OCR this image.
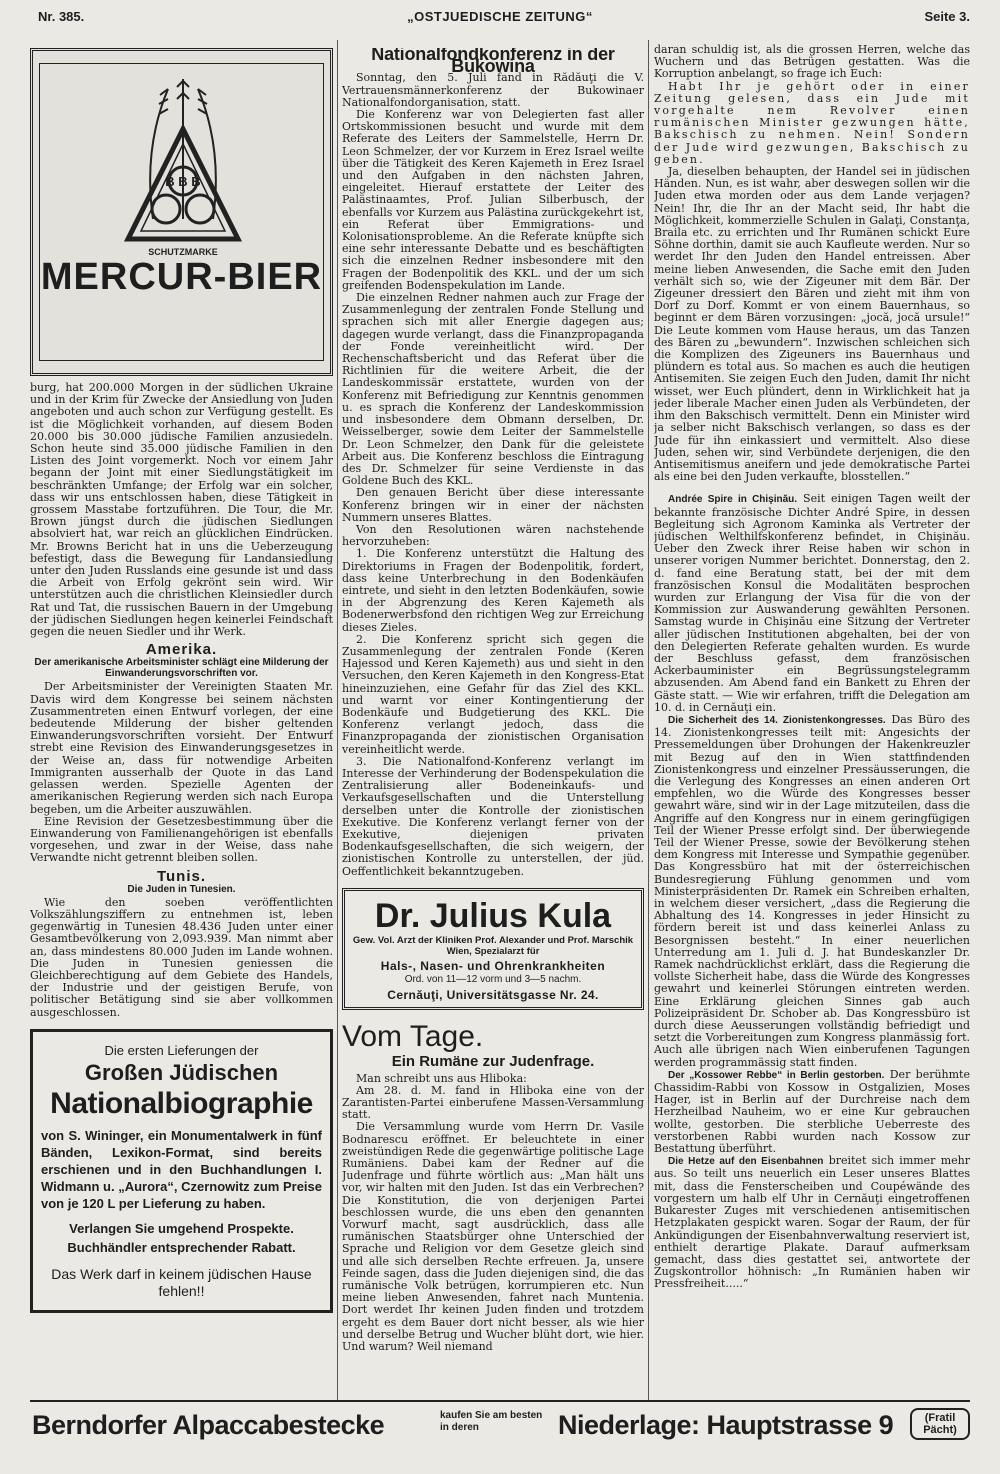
Nr. 385.	„OSTJUEDISCHE ZEITUNG“	Seite 3.
B B B
SCHUTZMARKE
MERCUR-BIER

burg, hat 200.000 Morgen in der südlichen Ukraine und in der Krim für Zwecke der Ansiedlung von Juden angeboten und auch schon zur Verfügung gestellt. Es ist die Möglichkeit vorhanden, auf diesem Boden 20.000 bis 30.000 jüdische Familien anzusiedeln. Schon heute sind 35.000 jüdische Familien in den Listen des Joint vorgemerkt. Noch vor einem Jahr begann der Joint mit einer Siedlungstätigkeit im beschränkten Umfange; der Erfolg war ein solcher, dass wir uns entschlossen haben, diese Tätigkeit in grossem Masstabe fortzuführen. Die Tour, die Mr. Brown jüngst durch die jüdischen Siedlungen absolviert hat, war reich an glücklichen Eindrücken. Mr. Browns Bericht hat in uns die Ueberzeugung befestigt, dass die Bewegung für Landansiedlung unter den Juden Russlands eine gesunde ist und dass die Arbeit von Erfolg gekrönt sein wird. Wir unterstützen auch die christlichen Kleinsiedler durch Rat und Tat, die russischen Bauern in der Umgebung der jüdischen Siedlungen hegen keinerlei Feindschaft gegen die neuen Siedler und ihr Werk.

Amerika.
Der amerikanische Arbeitsminister schlägt eine Milderung der Einwanderungsvorschriften vor.

Der Arbeitsminister der Vereinigten Staaten Mr. Davis wird dem Kongresse bei seinem nächsten Zusammentreten einen Entwurf vorlegen, der eine bedeutende Milderung der bisher geltenden Einwanderungsvorschriften vorsieht. Der Entwurf strebt eine Revision des Einwanderungsgesetzes in der Weise an, dass für notwendige Arbeiten Immigranten ausserhalb der Quote in das Land gelassen werden. Spezielle Agenten der amerikanischen Regierung werden sich nach Europa begeben, um die Arbeiter auszuwählen.

Eine Revision der Gesetzesbestimmung über die Einwanderung von Familienangehörigen ist ebenfalls vorgesehen, und zwar in der Weise, dass nahe Verwandte nicht getrennt bleiben sollen.

Tunis.
Die Juden in Tunesien.

Wie den soeben veröffentlichten Volkszählungsziffern zu entnehmen ist, leben gegenwärtig in Tunesien 48.436 Juden unter einer Gesamtbevölkerung von 2,093.939. Man nimmt aber an, dass mindestens 80.000 Juden im Lande wohnen. Die Juden in Tunesien geniessen die Gleichberechtigung auf dem Gebiete des Handels, der Industrie und der geistigen Berufe, von politischer Betätigung sind sie aber vollkommen ausgeschlossen.

Die ersten Lieferungen der
Großen Jüdischen
Nationalbiographie
von S. Wininger, ein Monumentalwerk in fünf Bänden, Lexikon-Format, sind bereits erschienen und in den Buchhandlungen I. Widmann u. „Aurora“, Czernowitz zum Preise von je 120 L per Lieferung zu haben.
Verlangen Sie umgehend Prospekte.
Buchhändler entsprechender Rabatt.
Das Werk darf in keinem jüdischen Hause fehlen!!
Nationalfondkonferenz in der Bukowina

Sonntag, den 5. Juli fand in Rădăuţi die V. Vertrauensmännerkonferenz der Bukowinaer Nationalfondorganisation, statt.

Die Konferenz war von Delegierten fast aller Ortskommissionen besucht und wurde mit dem Referate des Leiters der Sammelstelle, Herrn Dr. Leon Schmelzer, der vor Kurzem in Erez Israel weilte über die Tätigkeit des Keren Kajemeth in Erez Israel und den Aufgaben in den nächsten Jahren, eingeleitet. Hierauf erstattete der Leiter des Palästinaamtes, Prof. Julian Silberbusch, der ebenfalls vor Kurzem aus Palästina zurückgekehrt ist, ein Referat über Emmigrations- und Kolonisationsprobleme. An die Referate knüpfte sich eine sehr interessante Debatte und es beschäftigten sich die einzelnen Redner insbesondere mit den Fragen der Bodenpolitik des KKL. und der um sich greifenden Bodenspekulation im Lande.

Die einzelnen Redner nahmen auch zur Frage der Zusammenlegung der zentralen Fonde Stellung und sprachen sich mit aller Energie dagegen aus; dagegen wurde verlangt, dass die Finanzpropaganda der Fonde vereinheitlicht wird. Der Rechenschaftsbericht und das Referat über die Richtlinien für die weitere Arbeit, die der Landeskommissär erstattete, wurden von der Konferenz mit Befriedigung zur Kenntnis genommen u. es sprach die Konferenz der Landeskommission und insbesondere dem Obmann derselben, Dr. Weisselberger, sowie dem Leiter der Sammelstelle Dr. Leon Schmelzer, den Dank für die geleistete Arbeit aus. Die Konferenz beschloss die Eintragung des Dr. Schmelzer für seine Verdienste in das Goldene Buch des KKL.

Den genauen Bericht über diese interessante Konferenz bringen wir in einer der nächsten Nummern unseres Blattes.

Von den Resolutionen wären nachstehende hervorzuheben:

1. Die Konferenz unterstützt die Haltung des Direktoriums in Fragen der Bodenpolitik, fordert, dass keine Unterbrechung in den Bodenkäufen eintrete, und sieht in den letzten Bodenkäufen, sowie in der Abgrenzung des Keren Kajemeth als Bodenerwerbsfond den richtigen Weg zur Erreichung dieses Zieles.

2. Die Konferenz spricht sich gegen die Zusammenlegung der zentralen Fonde (Keren Hajessod und Keren Kajemeth) aus und sieht in den Versuchen, den Keren Kajemeth in den Kongress-Etat hineinzuziehen, eine Gefahr für das Ziel des KKL. und warnt vor einer Kontingentierung der Bodenkäufe und Budgetierung des KKL. Die Konferenz verlangt jedoch, dass die Finanzpropaganda der zionistischen Organisation vereinheitlicht werde.

3. Die Nationalfond-Konferenz verlangt im Interesse der Verhinderung der Bodenspekulation die Zentralisierung aller Bodeneinkaufs- und Verkaufsgesellschaften und die Unterstellung derselben unter die Kontrolle der zionistischen Exekutive. Die Konferenz verlangt ferner von der Exekutive, diejenigen privaten Bodenkaufsgesellschaften, die sich weigern, der zionistischen Kontrolle zu unterstellen, der jüd. Oeffentlichkeit bekanntzugeben.

Dr. Julius Kula
Gew. Vol. Arzt der Kliniken Prof. Alexander und Prof. Marschik Wien, Spezialarzt für
Hals-, Nasen- und Ohrenkrankheiten
Ord. von 11—12 vorm und 3—5 nachm.
Cernăuţi, Universitätsgasse Nr. 24.
Vom Tage.
Ein Rumäne zur Judenfrage.

Man schreibt uns aus Hliboka:

Am 28. d. M. fand in Hliboka eine von der Zarantisten-Partei einberufene Massen-Versammlung statt.

Die Versammlung wurde vom Herrn Dr. Vasile Bodnarescu eröffnet. Er beleuchtete in einer zweistündigen Rede die gegenwärtige politische Lage Rumäniens. Dabei kam der Redner auf die Judenfrage und führte wörtlich aus: „Man hält uns vor, wir halten mit den Juden. Ist das ein Verbrechen? Die Konstitution, die von derjenigen Partei beschlossen wurde, die uns eben den genannten Vorwurf macht, sagt ausdrücklich, dass alle rumänischen Staatsbürger ohne Unterschied der Sprache und Religion vor dem Gesetze gleich sind und alle sich derselben Rechte erfreuen. Ja, unsere Feinde sagen, dass die Juden diejenigen sind, die das rumänische Volk betrügen, korrumpieren etc. Nun meine lieben Anwesenden, fahret nach Muntenia. Dort werdet Ihr keinen Juden finden und trotzdem ergeht es dem Bauer dort nicht besser, als wie hier und derselbe Betrug und Wucher blüht dort, wie hier. Und warum? Weil niemand

daran schuldig ist, als die grossen Herren, welche das Wuchern und das Betrügen gestatten. Was die Korruption anbelangt, so frage ich Euch:

Habt Ihr je gehört oder in einer Zeitung gelesen, dass ein Jude mit vorgehalte nem Revolver einen rumänischen Minister gezwungen hätte, Bakschisch zu nehmen. Nein! Sondern der Jude wird gezwungen, Bakschisch zu geben.

Ja, dieselben behaupten, der Handel sei in jüdischen Händen. Nun, es ist wahr, aber deswegen sollen wir die Juden etwa morden oder aus dem Lande verjagen? Nein! Ihr, die Ihr an der Macht seid, Ihr habt die Möglichkeit, kommerzielle Schulen in Galaţi, Constanţa, Braila etc. zu errichten und Ihr Rumänen schickt Eure Söhne dorthin, damit sie auch Kaufleute werden. Nur so werdet Ihr den Juden den Handel entreissen. Aber meine lieben Anwesenden, die Sache emit den Juden verhält sich so, wie der Zigeuner mit dem Bär. Der Zigeuner dressiert den Bären und zieht mit ihm von Dorf zu Dorf. Kommt er von einem Bauernhaus, so beginnt er dem Bären vorzusingen: „jocă, jocă ursule!“ Die Leute kommen vom Hause heraus, um das Tanzen des Bären zu „bewundern“. Inzwischen schleichen sich die Komplizen des Zigeuners ins Bauernhaus und plündern es total aus. So machen es auch die heutigen Antisemiten. Sie zeigen Euch den Juden, damit Ihr nicht wisset, wer Euch plündert, denn in Wirklichkeit hat ja jeder liberale Macher einen Juden als Verbündeten, der ihm den Bakschisch vermittelt. Denn ein Minister wird ja selber nicht Bakschisch verlangen, so dass es der Jude für ihn einkassiert und vermittelt. Also diese Juden, sehen wir, sind Verbündete derjenigen, die den Antisemitismus aneifern und jede demokratische Partei als eine bei den Juden verkaufte, blosstellen.“

Andrée Spire in Chişinău. Seit einigen Tagen weilt der bekannte französische Dichter André Spire, in dessen Begleitung sich Agronom Kaminka als Vertreter der jüdischen Welthilfskonferenz befindet, in Chişinău. Ueber den Zweck ihrer Reise haben wir schon in unserer vorigen Nummer berichtet. Donnerstag, den 2. d. fand eine Beratung statt, bei der mit dem französischen Konsul die Modalitäten besprochen wurden zur Erlangung der Visa für die von der Kommission zur Auswanderung gewählten Personen. Samstag wurde in Chişinău eine Sitzung der Vertreter aller jüdischen Institutionen abgehalten, bei der von den Delegierten Referate gehalten wurden. Es wurde der Beschluss gefasst, dem französischen Ackerbauminister ein Begrüssungstelegramm abzusenden. Am Abend fand ein Bankett zu Ehren der Gäste statt. — Wie wir erfahren, trifft die Delegation am 10. d. in Cernăuţi ein.

Die Sicherheit des 14. Zionistenkongresses. Das Büro des 14. Zionistenkongresses teilt mit: Angesichts der Pressemeldungen über Drohungen der Hakenkreuzler mit Bezug auf den in Wien stattfindenden Zionistenkongress und einzelner Pressäusserungen, die die Verlegung des Kongresses an einen anderen Ort empfehlen, wo die Würde des Kongresses besser gewahrt wäre, sind wir in der Lage mitzuteilen, dass die Angriffe auf den Kongress nur in einem geringfügigen Teil der Wiener Presse erfolgt sind. Der überwiegende Teil der Wiener Presse, sowie der Bevölkerung stehen dem Kongress mit Interesse und Sympathie gegenüber. Das Kongressbüro hat mit der österreichischen Bundesregierung Fühlung genommen und vom Ministerpräsidenten Dr. Ramek ein Schreiben erhalten, in welchem dieser versichert, „dass die Regierung die Abhaltung des 14. Kongresses in jeder Hinsicht zu fördern bereit ist und dass keinerlei Anlass zu Besorgnissen besteht.“ In einer neuerlichen Unterredung am 1. Juli d. J. hat Bundeskanzler Dr. Ramek nachdrücklichst erklärt, dass die Regierung die vollste Sicherheit habe, dass die Würde des Kongresses gewahrt und keinerlei Störungen eintreten werden. Eine Erklärung gleichen Sinnes gab auch Polizeipräsident Dr. Schober ab. Das Kongressbüro ist durch diese Aeusserungen vollständig befriedigt und setzt die Vorbereitungen zum Kongress planmässig fort. Auch alle übrigen nach Wien einberufenen Tagungen werden programmässig statt finden.

Der „Kossower Rebbe“ in Berlin gestorben. Der berühmte Chassidim-Rabbi von Kossow in Ostgalizien, Moses Hager, ist in Berlin auf der Durchreise nach dem Herzheilbad Nauheim, wo er eine Kur gebrauchen wollte, gestorben. Die sterbliche Ueberreste des verstorbenen Rabbi wurden nach Kossow zur Bestattung überführt.

Die Hetze auf den Eisenbahnen breitet sich immer mehr aus. So teilt uns neuerlich ein Leser unseres Blattes mit, dass die Fensterscheiben und Coupéwände des vorgestern um halb elf Uhr in Cernăuţi eingetroffenen Bukarester Zuges mit verschiedenen antisemitischen Hetzplakaten gespickt waren. Sogar der Raum, der für Ankündigungen der Eisenbahnverwaltung reserviert ist, enthielt derartige Plakate. Darauf aufmerksam gemacht, dass dies gestattet sei, antwortete der Zugskontrollor höhnisch: „In Rumänien haben wir Pressfreiheit.....“

Berndorfer Alpaccabestecke	kaufen Sie am besten in deren	Niederlage: Hauptstrasse 9	(Fratil Pächt)
